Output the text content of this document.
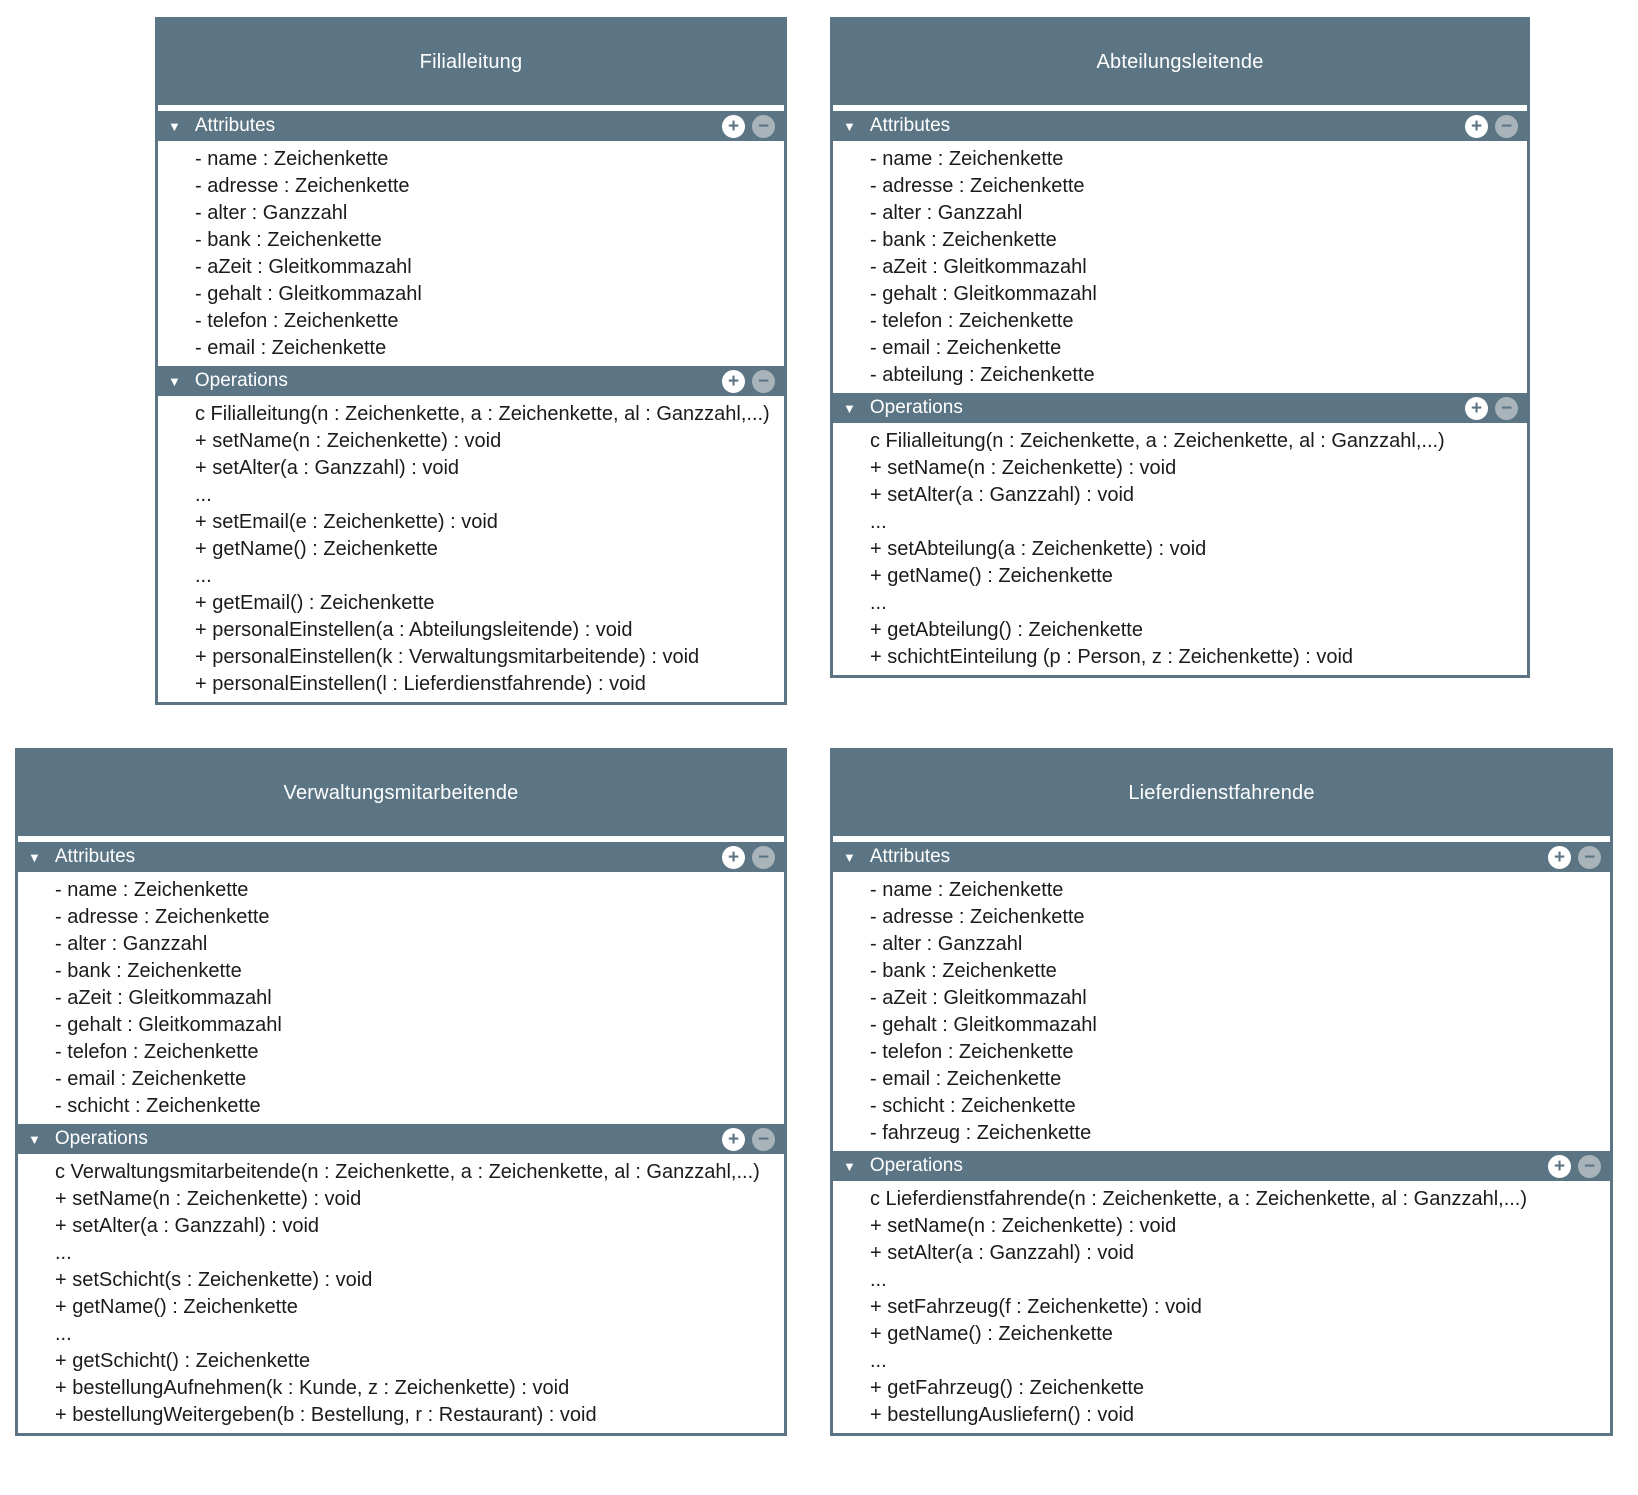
Filialleitung
▼ Attributes	+ −
- name : Zeichenkette
- adresse : Zeichenkette
- alter : Ganzzahl
- bank : Zeichenkette
- aZeit : Gleitkommazahl
- gehalt : Gleitkommazahl
- telefon : Zeichenkette
- email : Zeichenkette
▼ Operations	+ −
c Filialleitung(n : Zeichenkette, a : Zeichenkette, al : Ganzzahl,...)
+ setName(n : Zeichenkette) : void
+ setAlter(a : Ganzzahl) : void
...
+ setEmail(e : Zeichenkette) : void
+ getName() : Zeichenkette
...
+ getEmail() : Zeichenkette
+ personalEinstellen(a : Abteilungsleitende) : void
+ personalEinstellen(k : Verwaltungsmitarbeitende) : void
+ personalEinstellen(l : Lieferdienstfahrende) : void
Abteilungsleitende
▼ Attributes	+ −
- name : Zeichenkette
- adresse : Zeichenkette
- alter : Ganzzahl
- bank : Zeichenkette
- aZeit : Gleitkommazahl
- gehalt : Gleitkommazahl
- telefon : Zeichenkette
- email : Zeichenkette
- abteilung : Zeichenkette
▼ Operations	+ −
c Filialleitung(n : Zeichenkette, a : Zeichenkette, al : Ganzzahl,...)
+ setName(n : Zeichenkette) : void
+ setAlter(a : Ganzzahl) : void
...
+ setAbteilung(a : Zeichenkette) : void
+ getName() : Zeichenkette
...
+ getAbteilung() : Zeichenkette
+ schichtEinteilung (p : Person, z : Zeichenkette) : void
Verwaltungsmitarbeitende
▼ Attributes	+ −
- name : Zeichenkette
- adresse : Zeichenkette
- alter : Ganzzahl
- bank : Zeichenkette
- aZeit : Gleitkommazahl
- gehalt : Gleitkommazahl
- telefon : Zeichenkette
- email : Zeichenkette
- schicht : Zeichenkette
▼ Operations	+ −
c Verwaltungsmitarbeitende(n : Zeichenkette, a : Zeichenkette, al : Ganzzahl,...)
+ setName(n : Zeichenkette) : void
+ setAlter(a : Ganzzahl) : void
...
+ setSchicht(s : Zeichenkette) : void
+ getName() : Zeichenkette
...
+ getSchicht() : Zeichenkette
+ bestellungAufnehmen(k : Kunde, z : Zeichenkette) : void
+ bestellungWeitergeben(b : Bestellung, r : Restaurant) : void
Lieferdienstfahrende
▼ Attributes	+ −
- name : Zeichenkette
- adresse : Zeichenkette
- alter : Ganzzahl
- bank : Zeichenkette
- aZeit : Gleitkommazahl
- gehalt : Gleitkommazahl
- telefon : Zeichenkette
- email : Zeichenkette
- schicht : Zeichenkette
- fahrzeug : Zeichenkette
▼ Operations	+ −
c Lieferdienstfahrende(n : Zeichenkette, a : Zeichenkette, al : Ganzzahl,...)
+ setName(n : Zeichenkette) : void
+ setAlter(a : Ganzzahl) : void
...
+ setFahrzeug(f : Zeichenkette) : void
+ getName() : Zeichenkette
...
+ getFahrzeug() : Zeichenkette
+ bestellungAusliefern() : void
